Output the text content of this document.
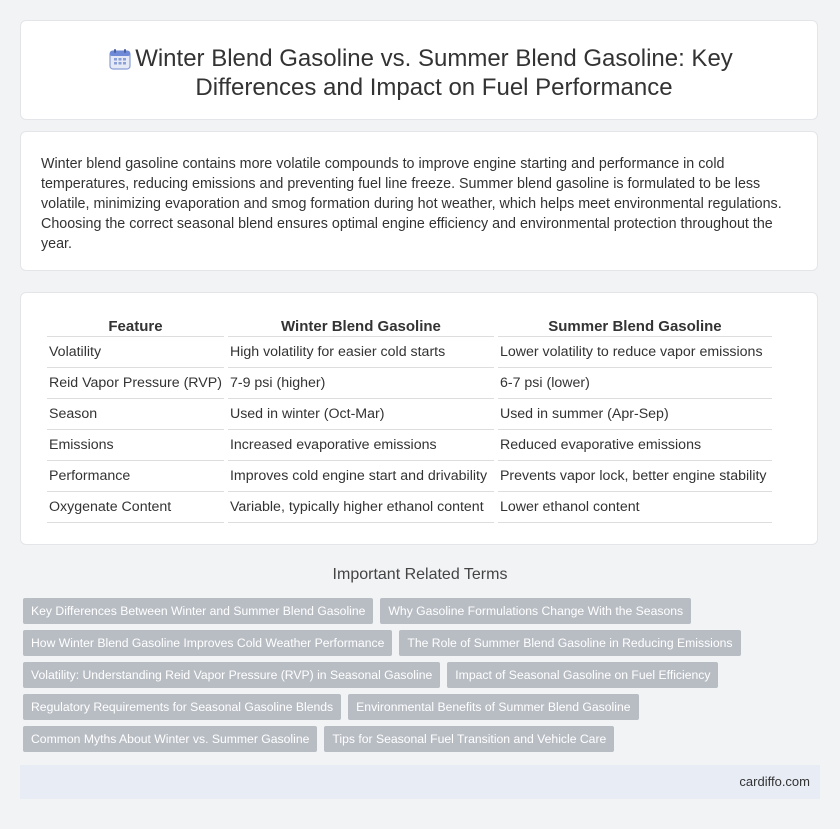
Winter Blend Gasoline vs. Summer Blend Gasoline: Key Differences and Impact on Fuel Performance

Winter blend gasoline contains more volatile compounds to improve engine starting and performance in cold temperatures, reducing emissions and preventing fuel line freeze. Summer blend gasoline is formulated to be less volatile, minimizing evaporation and smog formation during hot weather, which helps meet environmental regulations. Choosing the correct seasonal blend ensures optimal engine efficiency and environmental protection throughout the year.

Feature	Winter Blend Gasoline	Summer Blend Gasoline
Volatility	High volatility for easier cold starts	Lower volatility to reduce vapor emissions
Reid Vapor Pressure (RVP)	7-9 psi (higher)	6-7 psi (lower)
Season	Used in winter (Oct-Mar)	Used in summer (Apr-Sep)
Emissions	Increased evaporative emissions	Reduced evaporative emissions
Performance	Improves cold engine start and drivability	Prevents vapor lock, better engine stability
Oxygenate Content	Variable, typically higher ethanol content	Lower ethanol content
Important Related Terms
Key Differences Between Winter and Summer Blend Gasoline	Why Gasoline Formulations Change With the Seasons
How Winter Blend Gasoline Improves Cold Weather Performance	The Role of Summer Blend Gasoline in Reducing Emissions
Volatility: Understanding Reid Vapor Pressure (RVP) in Seasonal Gasoline	Impact of Seasonal Gasoline on Fuel Efficiency
Regulatory Requirements for Seasonal Gasoline Blends	Environmental Benefits of Summer Blend Gasoline
Common Myths About Winter vs. Summer Gasoline	Tips for Seasonal Fuel Transition and Vehicle Care
cardiffo.com
